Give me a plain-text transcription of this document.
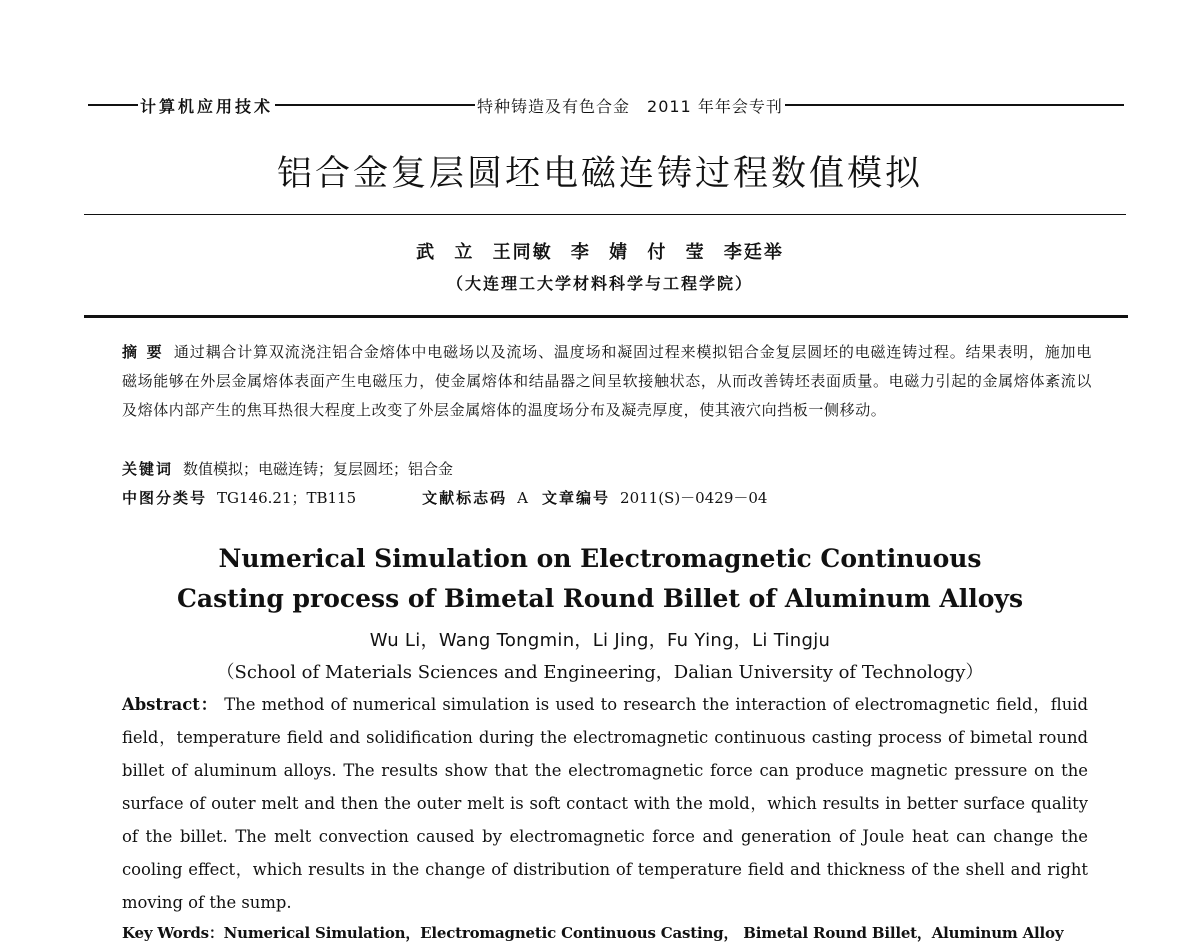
计算机应用技术	特种铸造及有色合金　2011 年年会专刊
铝合金复层圆坯电磁连铸过程数值模拟
武 立 王同敏 李 婧 付 莹 李廷举
（大连理工大学材料科学与工程学院）
摘 要 通过耦合计算双流浇注铝合金熔体中电磁场以及流场、温度场和凝固过程来模拟铝合金复层圆坯的电磁连铸过程。结果表明，施加电磁场能够在外层金属熔体表面产生电磁压力，使金属熔体和结晶器之间呈软接触状态，从而改善铸坯表面质量。电磁力引起的金属熔体紊流以及熔体内部产生的焦耳热很大程度上改变了外层金属熔体的温度场分布及凝壳厚度，使其液穴向挡板一侧移动。
关键词 数值模拟；电磁连铸；复层圆坯；铝合金
中图分类号 TG146.21；TB115	文献标志码 A 文章编号 2011(S)－0429－04
Numerical Simulation on Electromagnetic Continuous
Casting process of Bimetal Round Billet of Aluminum Alloys
Wu Li，Wang Tongmin，Li Jing，Fu Ying，Li Tingju
（School of Materials Sciences and Engineering，Dalian University of Technology）
Abstract： The method of numerical simulation is used to research the interaction of electromagnetic field，fluid field，temperature field and solidification during the electromagnetic continuous casting process of bimetal round billet of aluminum alloys. The results show that the electromagnetic force can produce magnetic pressure on the surface of outer melt and then the outer melt is soft contact with the mold，which results in better surface quality of the billet. The melt convection caused by electromagnetic force and generation of Joule heat can change the cooling effect，which results in the change of distribution of temperature field and thickness of the shell and right moving of the sump.
Key Words：Numerical Simulation，Electromagnetic Continuous Casting， Bimetal Round Billet，Aluminum Alloy
